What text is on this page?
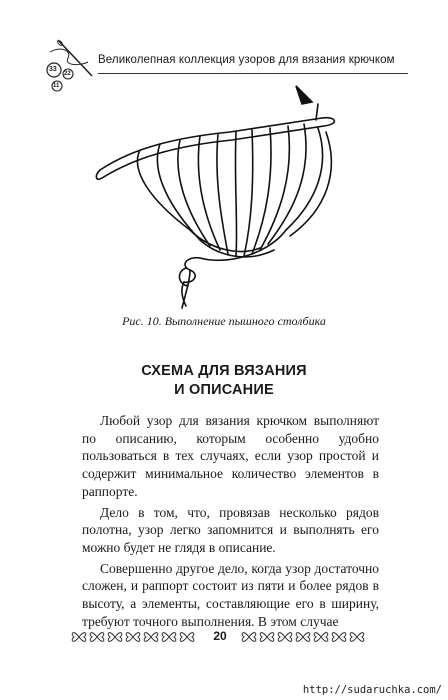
33
22
11
Великолепная коллекция узоров для вязания крючком
Рис. 10. Выполнение пышного столбика
СХЕМА ДЛЯ ВЯЗАНИЯ
И ОПИСАНИЕ

Любой узор для вязания крючком выполняют по описанию, которым особенно удобно пользоваться в тех случаях, если узор простой и содержит минимальное количество элементов в раппорте.

Дело в том, что, провязав несколько рядов полотна, узор легко запомнится и выполнять его можно будет не глядя в описание.

Совершенно другое дело, когда узор достаточно сложен, и раппорт состоит из пяти и более рядов в высоту, а элементы, составляющие его в ширину, требуют точного выполнения. В этом случае

20
http://sudaruchka.com/
